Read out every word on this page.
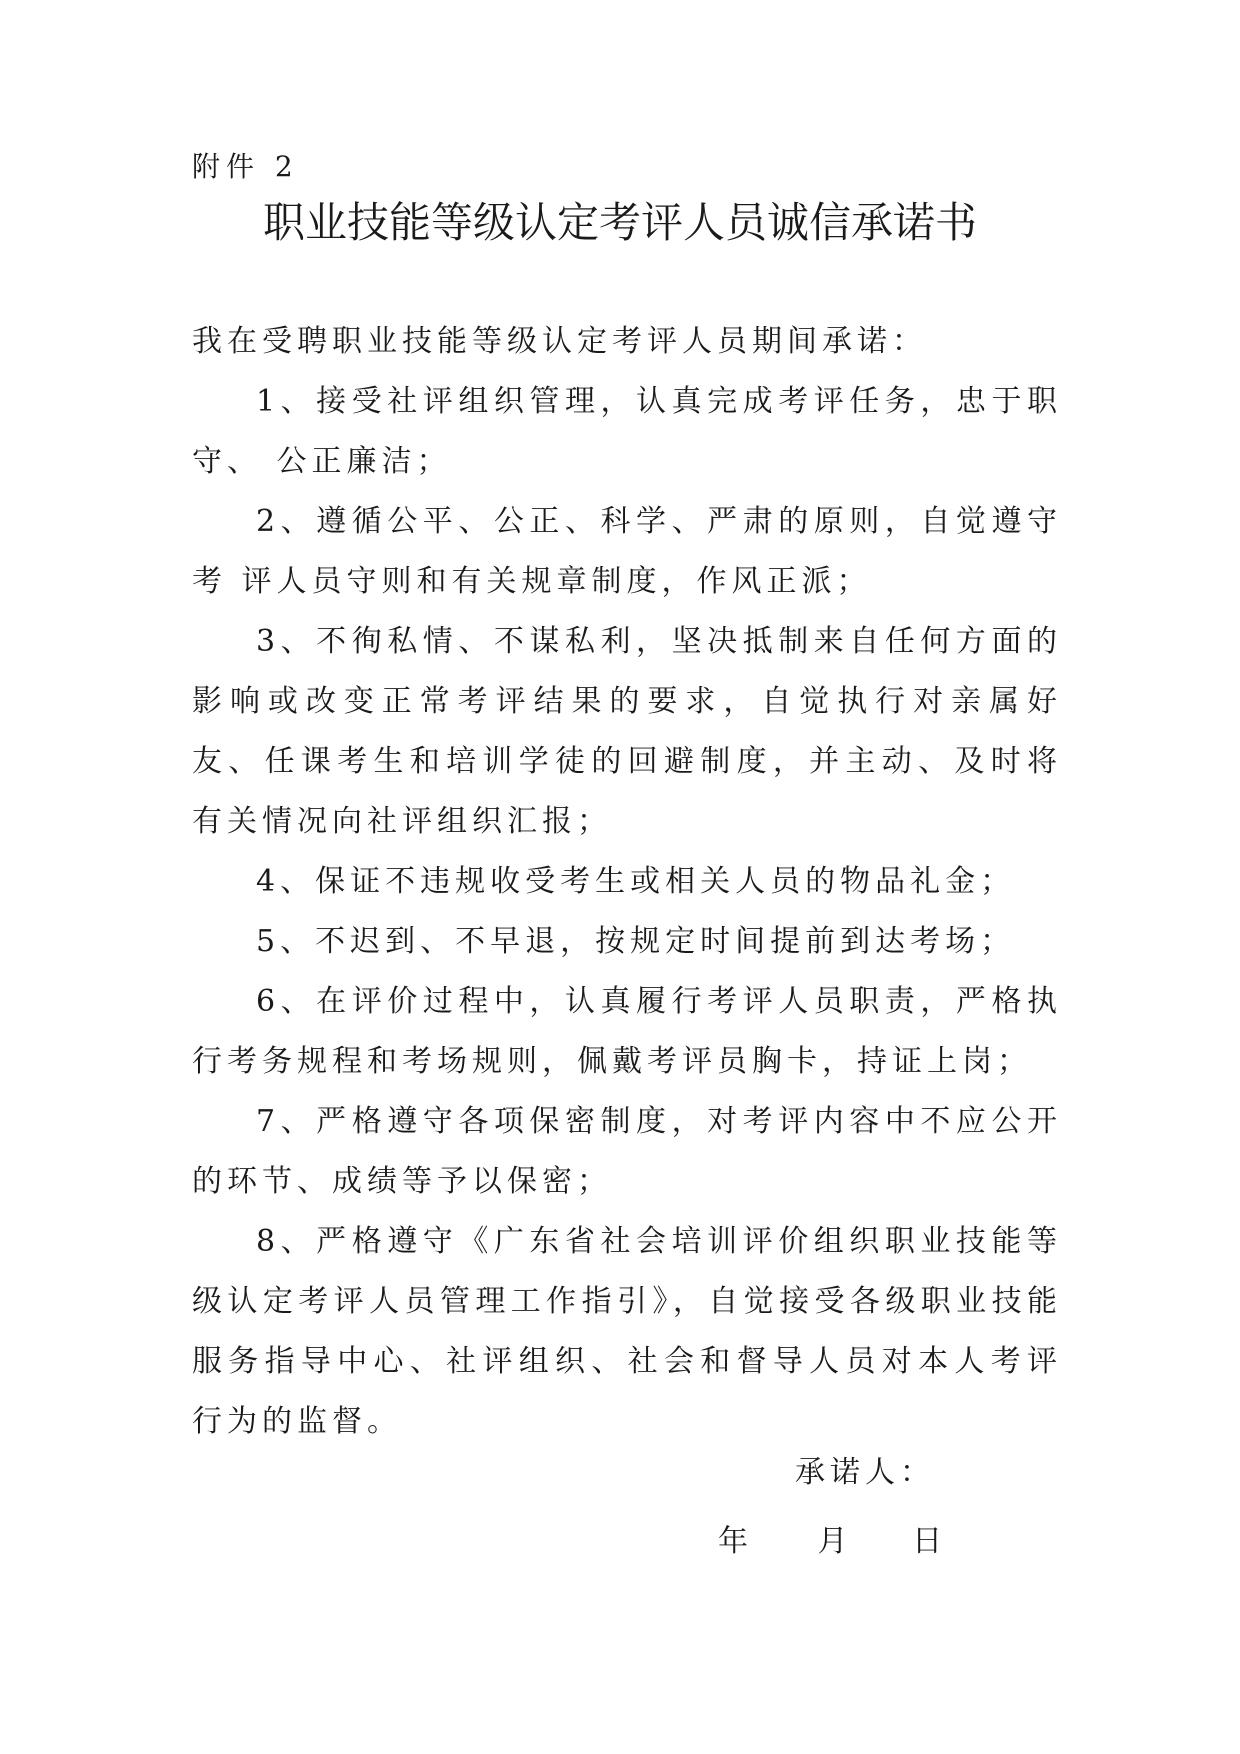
附件 2
职业技能等级认定考评人员诚信承诺书

我在受聘职业技能等级认定考评人员期间承诺：

1、接受社评组织管理，认真完成考评任务，忠于职守、 公正廉洁；

2、遵循公平、公正、科学、严肃的原则，自觉遵守考 评人员守则和有关规章制度，作风正派；

3、不徇私情、不谋私利，坚决抵制来自任何方面的影响或改变正常考评结果的要求，自觉执行对亲属好友、任课考生和培训学徒的回避制度，并主动、及时将有关情况向社评组织汇报；

4、保证不违规收受考生或相关人员的物品礼金；

5、不迟到、不早退，按规定时间提前到达考场；

6、在评价过程中，认真履行考评人员职责，严格执行考务规程和考场规则，佩戴考评员胸卡，持证上岗；

7、严格遵守各项保密制度，对考评内容中不应公开的环节、成绩等予以保密；

8、严格遵守《广东省社会培训评价组织职业技能等级认定考评人员管理工作指引》，自觉接受各级职业技能服务指导中心、社评组织、社会和督导人员对本人考评行为的监督。

承诺人：
年 月 日
